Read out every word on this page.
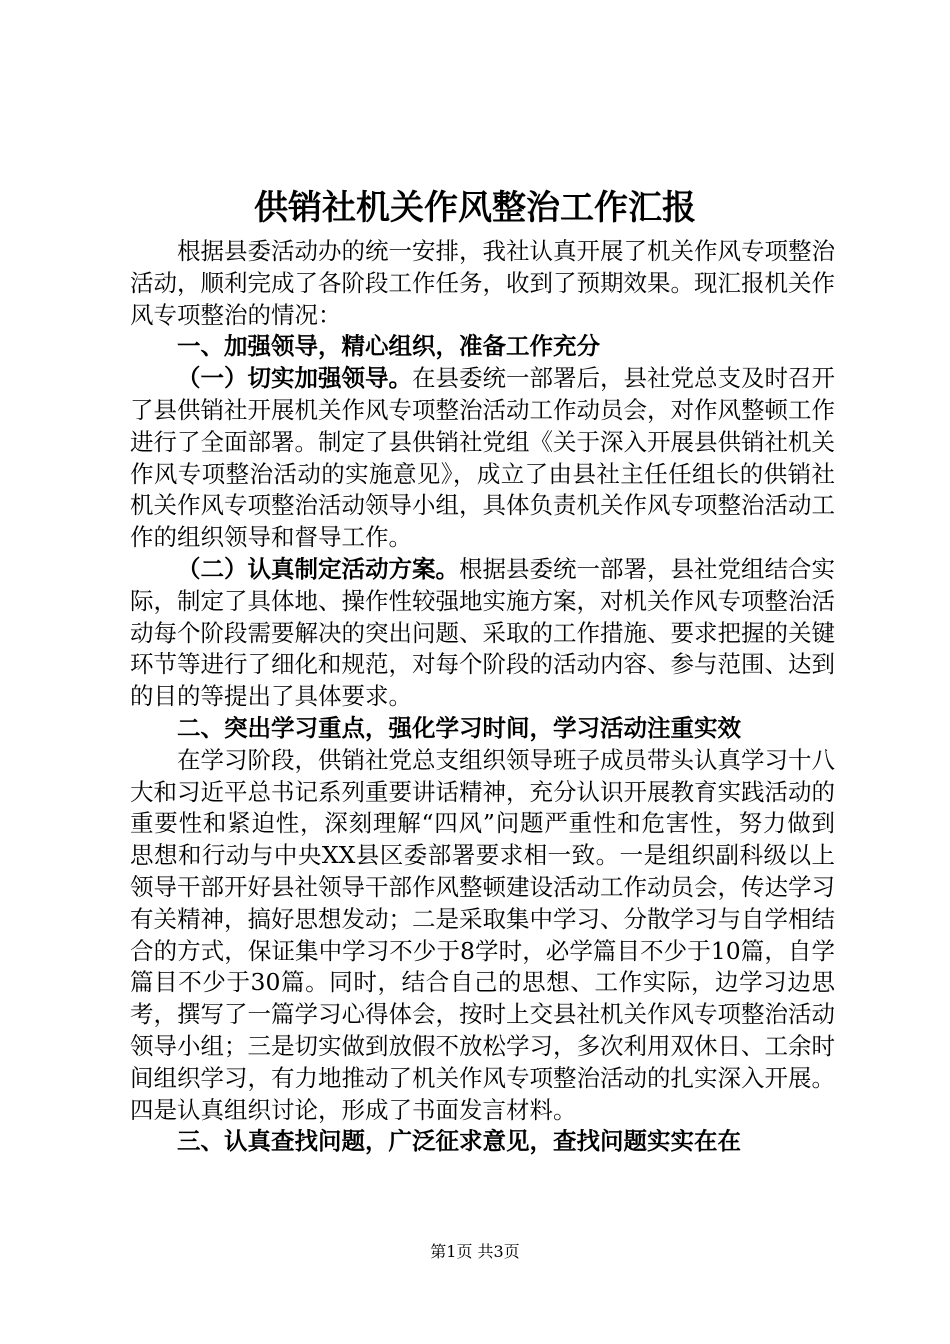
供销社机关作风整治工作汇报

根据县委活动办的统一安排，我社认真开展了机关作风专项整治活动，顺利完成了各阶段工作任务，收到了预期效果。现汇报机关作风专项整治的情况：

一、加强领导，精心组织，准备工作充分

（一）切实加强领导。在县委统一部署后，县社党总支及时召开了县供销社开展机关作风专项整治活动工作动员会，对作风整顿工作进行了全面部署。制定了县供销社党组《关于深入开展县供销社机关作风专项整治活动的实施意见》，成立了由县社主任任组长的供销社机关作风专项整治活动领导小组，具体负责机关作风专项整治活动工作的组织领导和督导工作。

（二）认真制定活动方案。根据县委统一部署，县社党组结合实际，制定了具体地、操作性较强地实施方案，对机关作风专项整治活动每个阶段需要解决的突出问题、采取的工作措施、要求把握的关键环节等进行了细化和规范，对每个阶段的活动内容、参与范围、达到的目的等提出了具体要求。

二、突出学习重点，强化学习时间，学习活动注重实效

在学习阶段，供销社党总支组织领导班子成员带头认真学习十八大和习近平总书记系列重要讲话精神，充分认识开展教育实践活动的重要性和紧迫性，深刻理解“四风”问题严重性和危害性，努力做到思想和行动与中央XX县区委部署要求相一致。一是组织副科级以上领导干部开好县社领导干部作风整顿建设活动工作动员会，传达学习有关精神，搞好思想发动；二是采取集中学习、分散学习与自学相结合的方式，保证集中学习不少于8学时，必学篇目不少于10篇，自学篇目不少于30篇。同时，结合自己的思想、工作实际，边学习边思考，撰写了一篇学习心得体会，按时上交县社机关作风专项整治活动领导小组；三是切实做到放假不放松学习，多次利用双休日、工余时间组织学习，有力地推动了机关作风专项整治活动的扎实深入开展。四是认真组织讨论，形成了书面发言材料。

三、认真查找问题，广泛征求意见，查找问题实实在在

第1页 共3页
